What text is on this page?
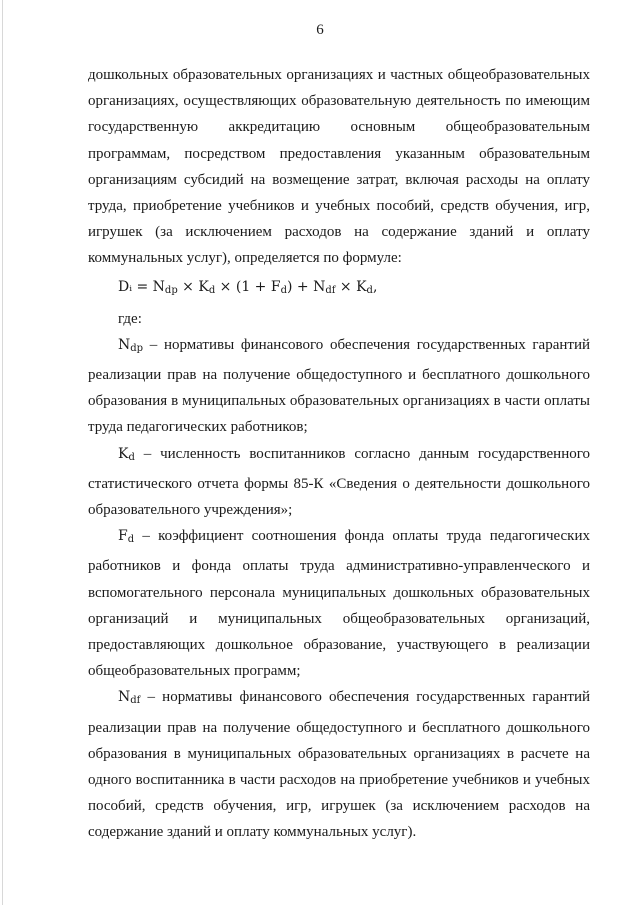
6

дошкольных образовательных организациях и частных общеобразовательных организациях, осуществляющих образовательную деятельность по имеющим государственную аккредитацию основным общеобразовательным программам, посредством предоставления указанным образовательным организациям субсидий на возмещение затрат, включая расходы на оплату труда, приобретение учебников и учебных пособий, средств обучения, игр, игрушек (за исключением расходов на содержание зданий и оплату коммунальных услуг), определяется по формуле:

Dᵢ = $N_{dp} \times K_d \times (1 + F_d) + N_{df} \times K_d$,

где:

$N_{dp}$ – нормативы финансового обеспечения государственных гарантий реализации прав на получение общедоступного и бесплатного дошкольного образования в муниципальных образовательных организациях в части оплаты труда педагогических работников;

$K_d$ – численность воспитанников согласно данным государственного статистического отчета формы 85-К «Сведения о деятельности дошкольного образовательного учреждения»;

$F_d$ – коэффициент соотношения фонда оплаты труда педагогических работников и фонда оплаты труда административно-управленческого и вспомогательного персонала муниципальных дошкольных образовательных организаций и муниципальных общеобразовательных организаций, предоставляющих дошкольное образование, участвующего в реализации общеобразовательных программ;

$N_{df}$ – нормативы финансового обеспечения государственных гарантий реализации прав на получение общедоступного и бесплатного дошкольного образования в муниципальных образовательных организациях в расчете на одного воспитанника в части расходов на приобретение учебников и учебных пособий, средств обучения, игр, игрушек (за исключением расходов на содержание зданий и оплату коммунальных услуг).
